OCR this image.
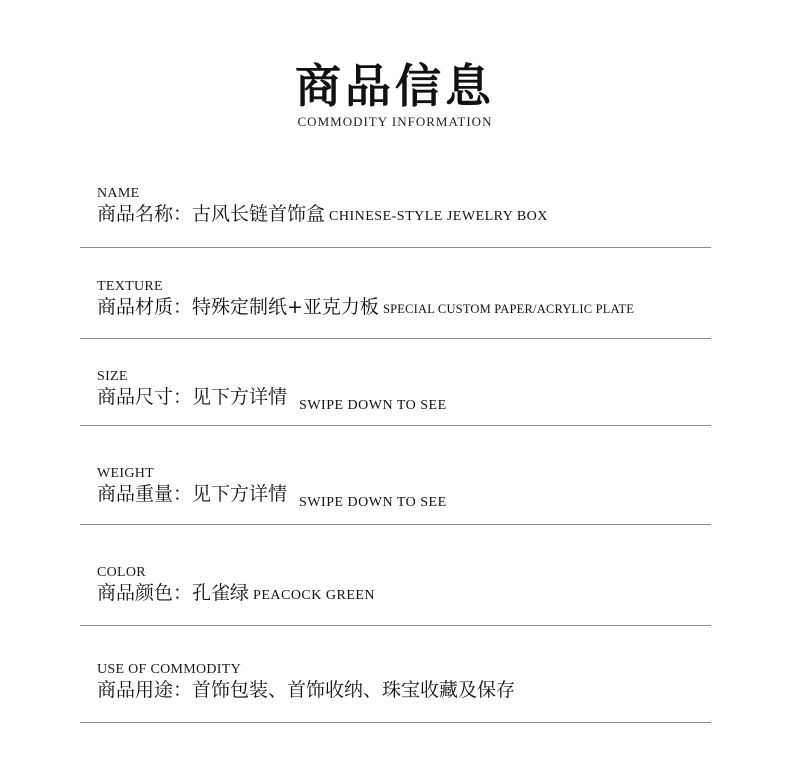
商品信息
COMMODITY INFORMATION
NAME
商品名称：古风长链首饰盒 CHINESE-STYLE JEWELRY BOX
TEXTURE
商品材质：特殊定制纸+亚克力板 SPECIAL CUSTOM PAPER/ACRYLIC PLATE
SIZE
商品尺寸：见下方详情 SWIPE DOWN TO SEE
WEIGHT
商品重量：见下方详情 SWIPE DOWN TO SEE
COLOR
商品颜色：孔雀绿 PEACOCK GREEN
USE OF COMMODITY
商品用途：首饰包装、首饰收纳、珠宝收藏及保存
